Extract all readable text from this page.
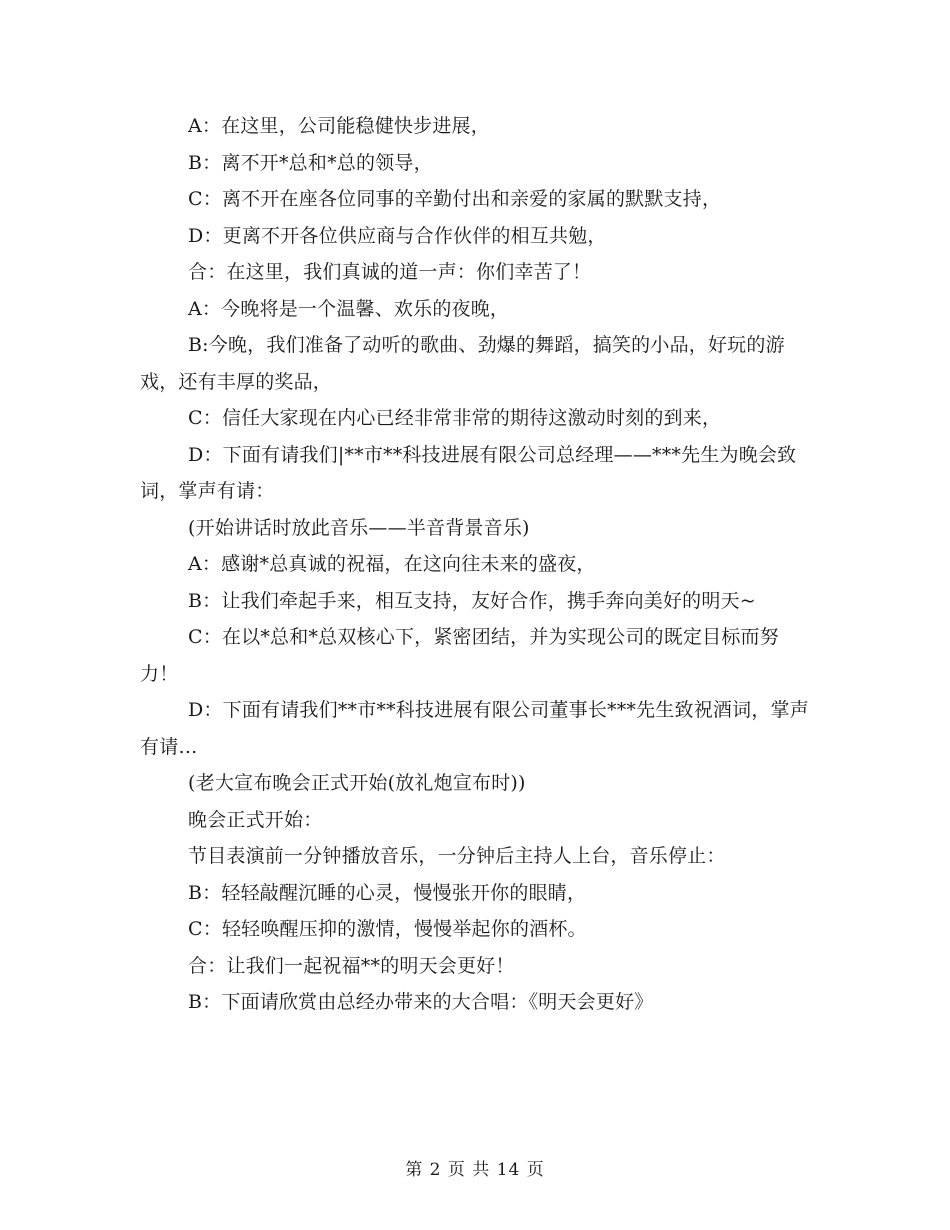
A：在这里，公司能稳健快步进展，

B：离不开*总和*总的领导，

C：离不开在座各位同事的辛勤付出和亲爱的家属的默默支持，

D：更离不开各位供应商与合作伙伴的相互共勉，

合：在这里，我们真诚的道一声：你们幸苦了！

A：今晚将是一个温馨、欢乐的夜晚，

B:今晚，我们准备了动听的歌曲、劲爆的舞蹈，搞笑的小品，好玩的游戏，还有丰厚的奖品，

C：信任大家现在内心已经非常非常的期待这激动时刻的到来，

D：下面有请我们|**市**科技进展有限公司总经理——***先生为晚会致词，掌声有请：

(开始讲话时放此音乐——半音背景音乐)

A：感谢*总真诚的祝福，在这向往未来的盛夜，

B：让我们牵起手来，相互支持，友好合作，携手奔向美好的明天~

C：在以*总和*总双核心下，紧密团结，并为实现公司的既定目标而努力！

D：下面有请我们**市**科技进展有限公司董事长***先生致祝酒词，掌声有请…

(老大宣布晚会正式开始(放礼炮宣布时))

晚会正式开始：

节目表演前一分钟播放音乐，一分钟后主持人上台，音乐停止：

B：轻轻敲醒沉睡的心灵，慢慢张开你的眼睛，

C：轻轻唤醒压抑的激情，慢慢举起你的酒杯。

合：让我们一起祝福**的明天会更好！

B：下面请欣赏由总经办带来的大合唱：《明天会更好》

第 2 页 共 14 页
